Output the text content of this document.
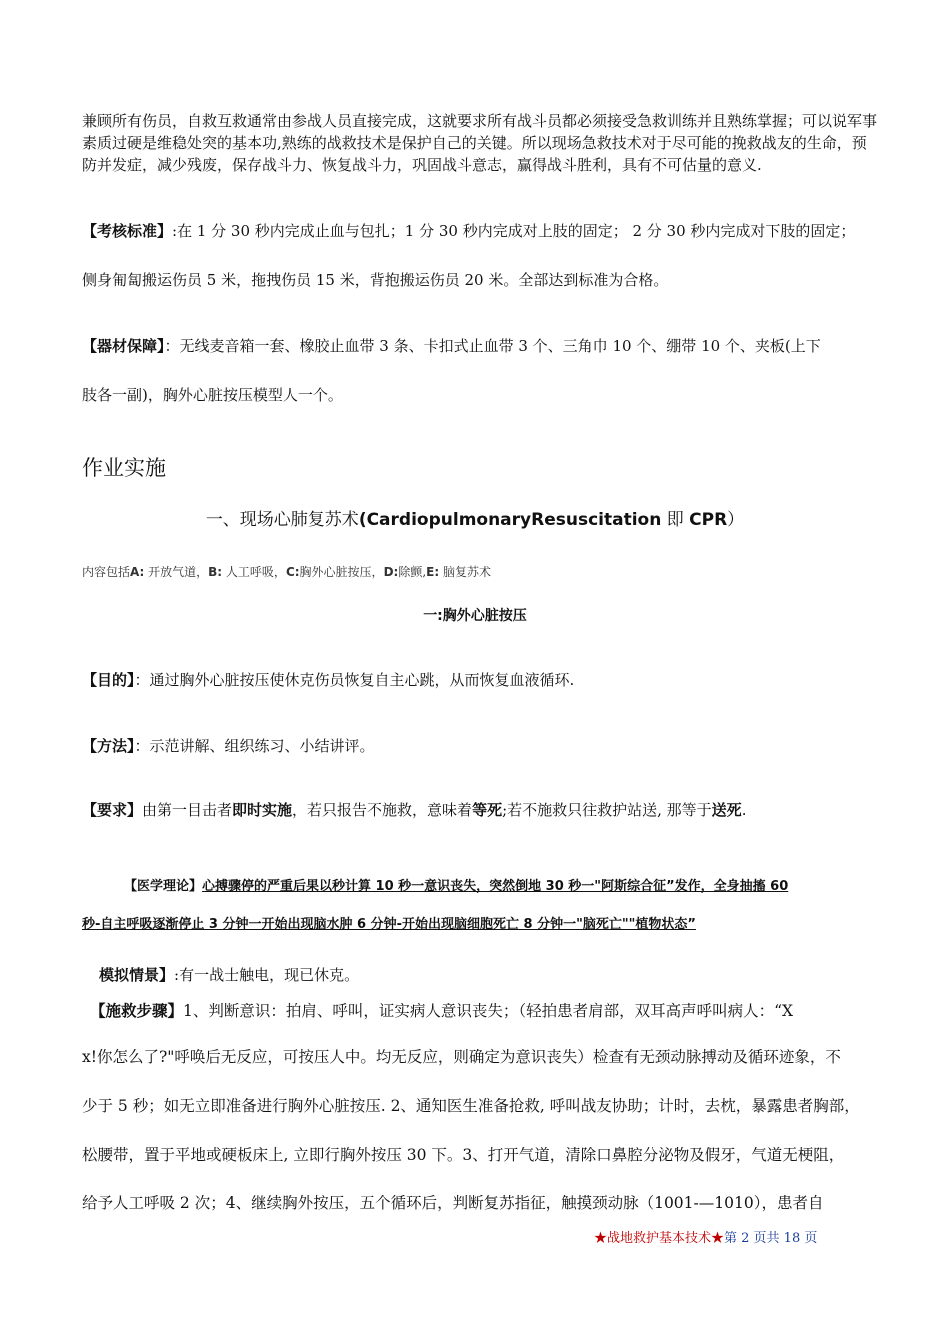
兼顾所有伤员，自救互救通常由参战人员直接完成，这就要求所有战斗员都必须接受急救训练并且熟练掌握；可以说军事素质过硬是维稳处突的基本功,熟练的战救技术是保护自己的关键。所以现场急救技术对于尽可能的挽救战友的生命，预防并发症，减少残废，保存战斗力、恢复战斗力，巩固战斗意志，赢得战斗胜利，具有不可估量的意义.
【考核标准】:在 1 分 30 秒内完成止血与包扎；1 分 30 秒内完成对上肢的固定； 2 分 30 秒内完成对下肢的固定；
侧身匍匐搬运伤员 5 米，拖拽伤员 15 米，背抱搬运伤员 20 米。全部达到标准为合格。
【器材保障】：无线麦音箱一套、橡胶止血带 3 条、卡扣式止血带 3 个、三角巾 10 个、绷带 10 个、夹板(上下
肢各一副)，胸外心脏按压模型人一个。
作业实施
一、现场心肺复苏术(CardiopulmonaryResuscitation 即 CPR）
内容包括A: 开放气道，B: 人工呼吸，C:胸外心脏按压，D:除颤,E: 脑复苏术
一:胸外心脏按压
【目的】：通过胸外心脏按压使休克伤员恢复自主心跳，从而恢复血液循环.
【方法】：示范讲解、组织练习、小结讲评。
【要求】由第一目击者即时实施，若只报告不施救，意味着等死;若不施救只往救护站送, 那等于送死.
【医学理论】心搏骤停的严重后果以秒计算 10 秒一意识丧失，突然倒地 30 秒一"阿斯综合征”发作，全身抽搐 60
秒-自主呼吸逐渐停止 3 分钟一开始出现脑水肿 6 分钟-开始出现脑细胞死亡 8 分钟一"脑死亡""植物状态”
模拟情景】:有一战士触电，现已休克。
【施救步骤】1、判断意识：拍肩、呼叫，证实病人意识丧失；（轻拍患者肩部，双耳高声呼叫病人：“X
x!你怎么了?"呼唤后无反应，可按压人中。均无反应，则确定为意识丧失）检查有无颈动脉搏动及循环迹象，不
少于 5 秒；如无立即准备进行胸外心脏按压. 2、通知医生准备抢救, 呼叫战友协助；计时，去枕，暴露患者胸部，
松腰带，置于平地或硬板床上, 立即行胸外按压 30 下。3、打开气道，清除口鼻腔分泌物及假牙，气道无梗阻，
给予人工呼吸 2 次；4、继续胸外按压，五个循环后，判断复苏指征，触摸颈动脉（1001-—1010），患者自
★战地救护基本技术★第 2 页共 18 页
